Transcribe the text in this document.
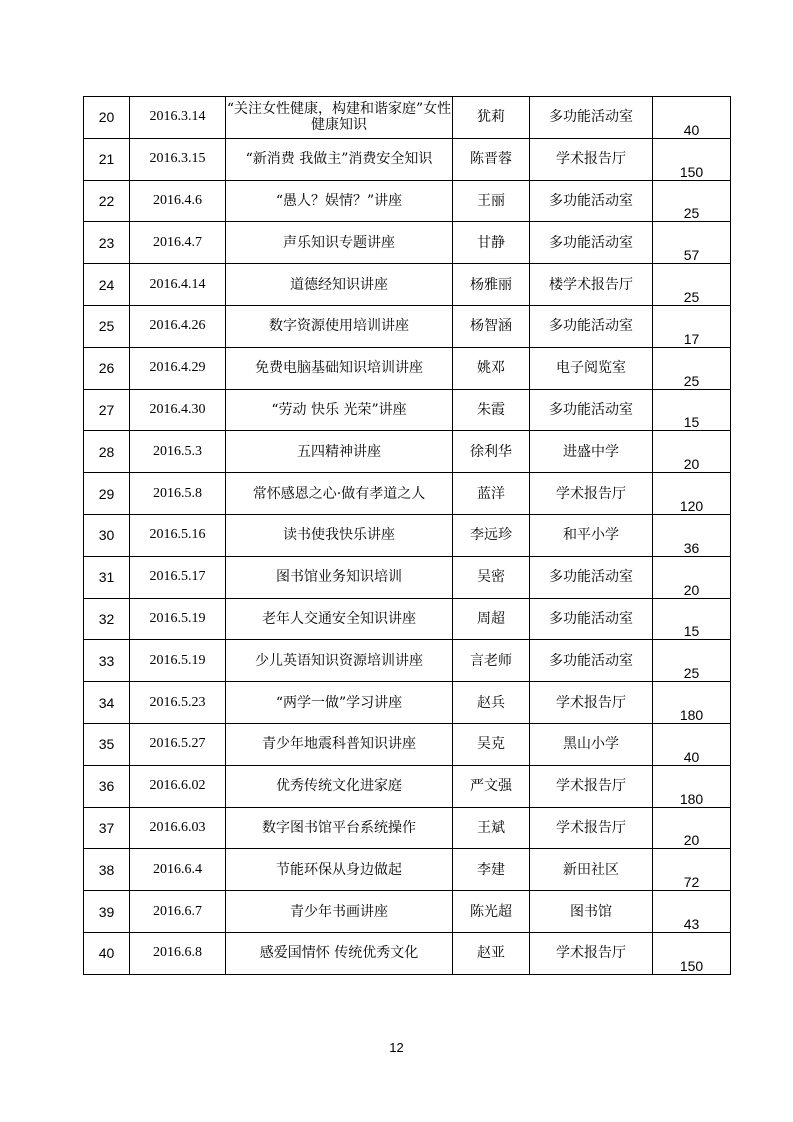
20	2016.3.14	“关注女性健康，构建和谐家庭”女性健康知识	犹莉	多功能活动室	40
21	2016.3.15	“新消费 我做主”消费安全知识	陈晋蓉	学术报告厅	150
22	2016.4.6	“愚人？娱情？”讲座	王丽	多功能活动室	25
23	2016.4.7	声乐知识专题讲座	甘静	多功能活动室	57
24	2016.4.14	道德经知识讲座	杨雅丽	楼学术报告厅	25
25	2016.4.26	数字资源使用培训讲座	杨智涵	多功能活动室	17
26	2016.4.29	免费电脑基础知识培训讲座	姚邓	电子阅览室	25
27	2016.4.30	“劳动 快乐 光荣”讲座	朱霞	多功能活动室	15
28	2016.5.3	五四精神讲座	徐利华	进盛中学	20
29	2016.5.8	常怀感恩之心·做有孝道之人	蓝洋	学术报告厅	120
30	2016.5.16	读书使我快乐讲座	李远珍	和平小学	36
31	2016.5.17	图书馆业务知识培训	吴密	多功能活动室	20
32	2016.5.19	老年人交通安全知识讲座	周超	多功能活动室	15
33	2016.5.19	少儿英语知识资源培训讲座	言老师	多功能活动室	25
34	2016.5.23	“两学一做”学习讲座	赵兵	学术报告厅	180
35	2016.5.27	青少年地震科普知识讲座	吴克	黑山小学	40
36	2016.6.02	优秀传统文化进家庭	严文强	学术报告厅	180
37	2016.6.03	数字图书馆平台系统操作	王斌	学术报告厅	20
38	2016.6.4	节能环保从身边做起	李建	新田社区	72
39	2016.6.7	青少年书画讲座	陈光超	图书馆	43
40	2016.6.8	感爱国情怀 传统优秀文化	赵亚	学术报告厅	150
12
